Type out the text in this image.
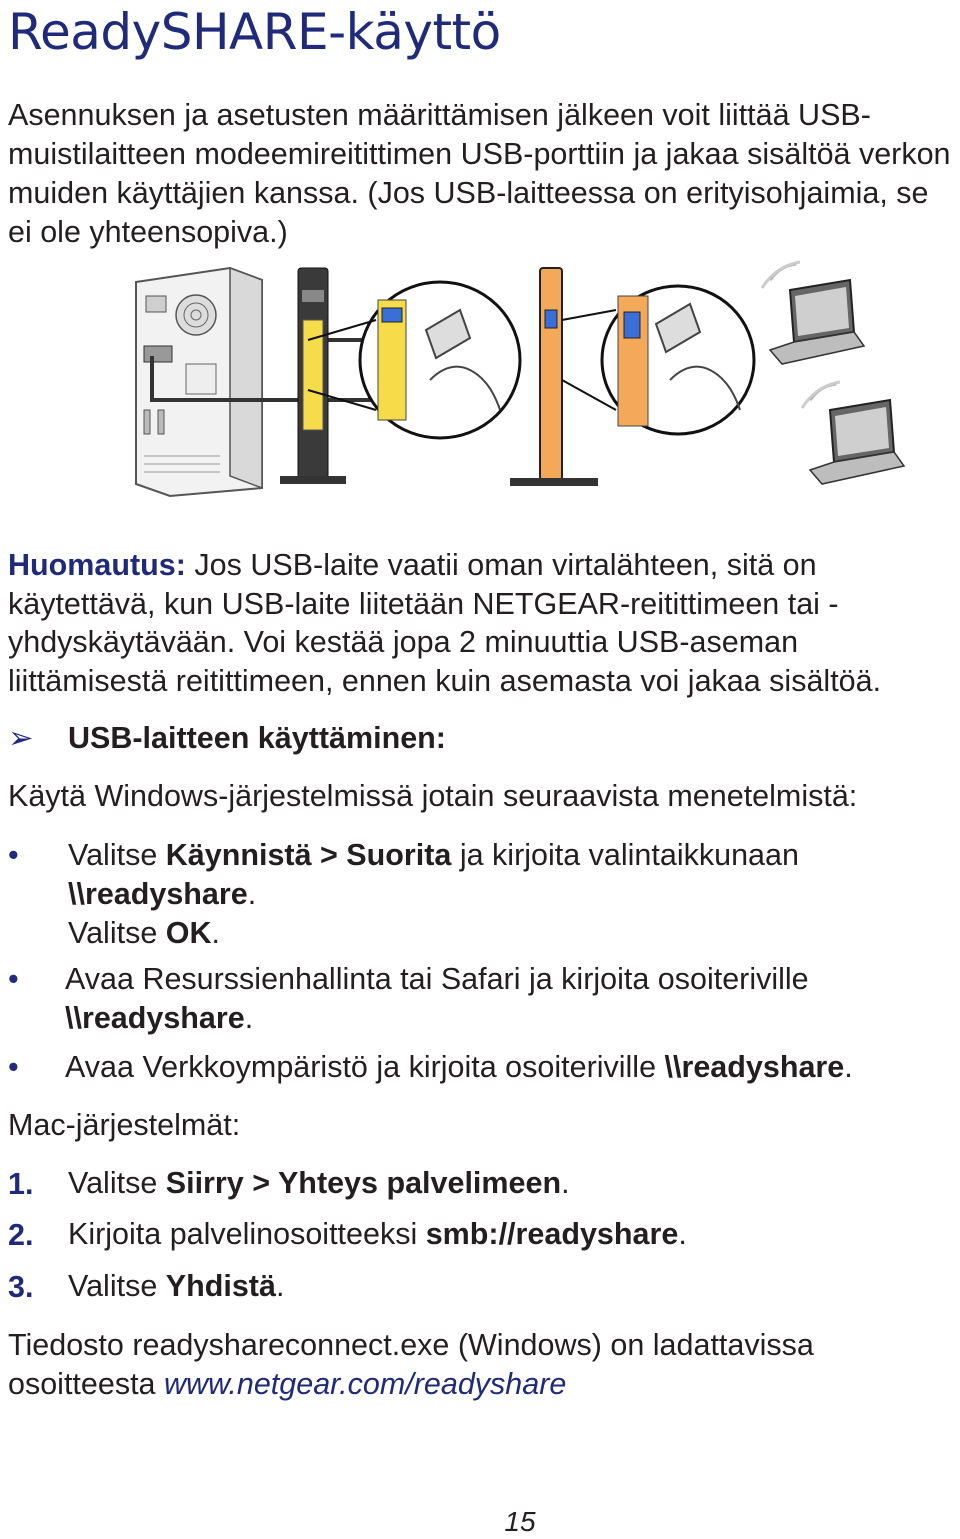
ReadySHARE-käyttö

Asennuksen ja asetusten määrittämisen jälkeen voit liittää USB-muistilaitteen modeemireitittimen USB-porttiin ja jakaa sisältöä verkon muiden käyttäjien kanssa. (Jos USB-laitteessa on erityisohjaimia, se ei ole yhteensopiva.)

Huomautus: Jos USB-laite vaatii oman virtalähteen, sitä on käytettävä, kun USB-laite liitetään NETGEAR-reitittimeen tai -yhdyskäytävään. Voi kestää jopa 2 minuuttia USB-aseman liittämisestä reitittimeen, ennen kuin asemasta voi jakaa sisältöä.

➢ USB-laitteen käyttäminen:

Käytä Windows-järjestelmissä jotain seuraavista menetelmistä:

• Valitse Käynnistä > Suorita ja kirjoita valintaikkunaan
\\readyshare.
Valitse OK.

• Avaa Resurssienhallinta tai Safari ja kirjoita osoiteriville
\\readyshare.

• Avaa Verkkoympäristö ja kirjoita osoiteriville \\readyshare.

Mac-järjestelmät:

1. Valitse Siirry > Yhteys palvelimeen.

2. Kirjoita palvelinosoitteeksi smb://readyshare.

3. Valitse Yhdistä.

Tiedosto readyshareconnect.exe (Windows) on ladattavissa
osoitteesta www.netgear.com/readyshare

15
